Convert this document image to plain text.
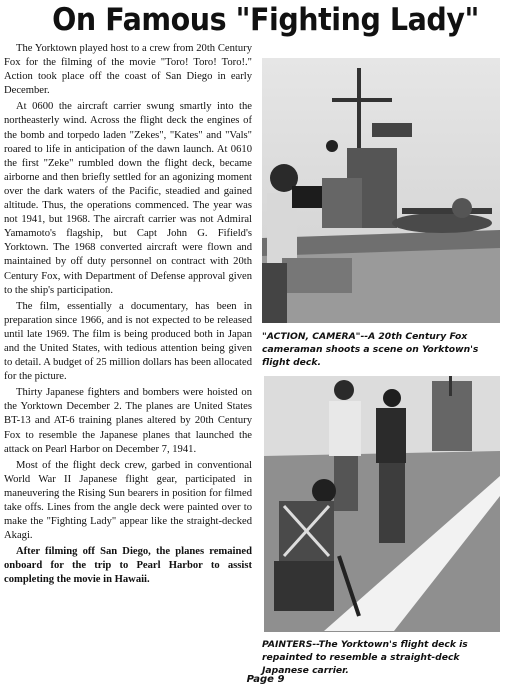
On Famous "Fighting Lady"

The Yorktown played host to a crew from 20th Century Fox for the filming of the movie "Toro! Toro! Toro!." Action took place off the coast of San Diego in early December.

At 0600 the aircraft carrier swung smartly into the northeasterly wind. Across the flight deck the engines of the bomb and torpedo laden "Zekes", "Kates" and "Vals" roared to life in anticipation of the dawn launch. At 0610 the first "Zeke" rumbled down the flight deck, became airborne and then briefly settled for an agonizing moment over the dark waters of the Pacific, steadied and gained altitude. Thus, the operations commenced. The year was not 1941, but 1968. The aircraft carrier was not Admiral Yamamoto's flagship, but Capt John G. Fifield's Yorktown. The 1968 converted aircraft were flown and maintained by off duty personnel on contract with 20th Century Fox, with Department of Defense approval given to the ship's participation.

The film, essentially a documentary, has been in preparation since 1966, and is not expected to be released until late 1969. The film is being produced both in Japan and the United States, with tedious attention being given to detail. A budget of 25 million dollars has been allocated for the picture.

Thirty Japanese fighters and bombers were hoisted on the Yorktown December 2. The planes are United States BT-13 and AT-6 training planes altered by 20th Century Fox to resemble the Japanese planes that launched the attack on Pearl Harbor on December 7, 1941.

Most of the flight deck crew, garbed in conventional World War II Japanese flight gear, participated in maneuvering the Rising Sun bearers in position for filmed take offs. Lines from the angle deck were painted over to make the "Fighting Lady" appear like the straight-decked Akagi.

After filming off San Diego, the planes remained onboard for the trip to Pearl Harbor to assist completing the movie in Hawaii.

"ACTION, CAMERA"--A 20th Century Fox cameraman shoots a scene on Yorktown's flight deck.
PAINTERS--The Yorktown's flight deck is repainted to resemble a straight-deck Japanese carrier.
Page 9
